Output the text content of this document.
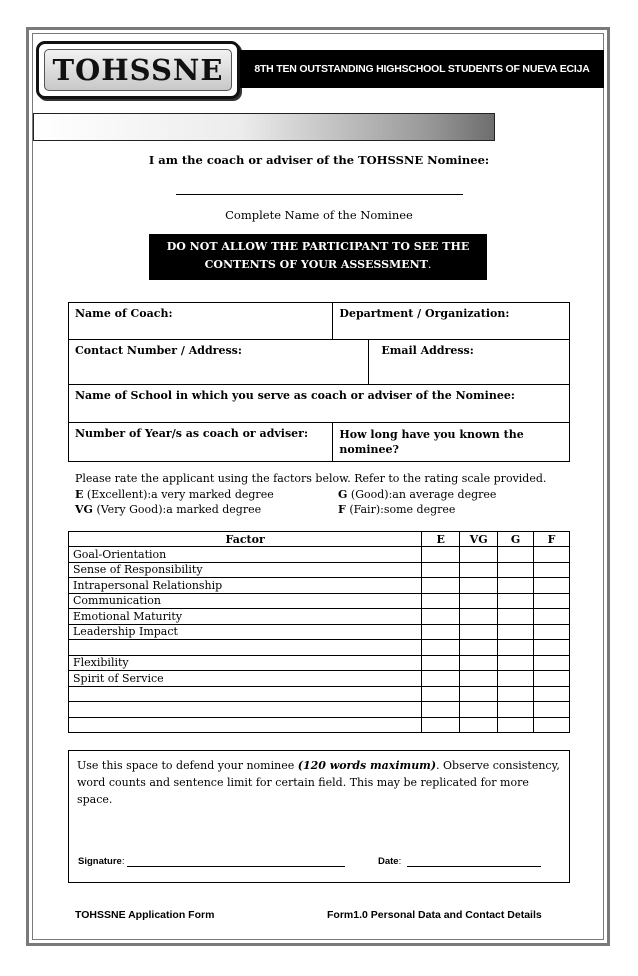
TOHSSNE	8TH TEN OUTSTANDING HIGHSCHOOL STUDENTS OF NUEVA ECIJA
I am the coach or adviser of the TOHSSNE Nominee:
Complete Name of the Nominee
DO NOT ALLOW THE PARTICIPANT TO SEE THE
CONTENTS OF YOUR ASSESSMENT.
Name of Coach:	Department / Organization:	
Contact Number / Address:		Email Address:
Name of School in which you serve as coach or adviser of the Nominee:		
Number of Year/s as coach or adviser:	How long have you known the nominee?	
Please rate the applicant using the factors below. Refer to the rating scale provided.
E (Excellent):a very marked degree	G (Good):an average degree
VG (Very Good):a marked degree	F (Fair):some degree
Factor	E	VG	G	F
Goal-Orientation				
Sense of Responsibility				
Intrapersonal Relationship				
Communication				
Emotional Maturity				
Leadership Impact				

Flexibility				
Spirit of Service				

Use this space to defend your nominee (120 words maximum). Observe consistency, word counts and sentence limit for certain field. This may be replicated for more space.
Signature:	Date:
TOHSSNE Application Form	Form1.0 Personal Data and Contact Details
